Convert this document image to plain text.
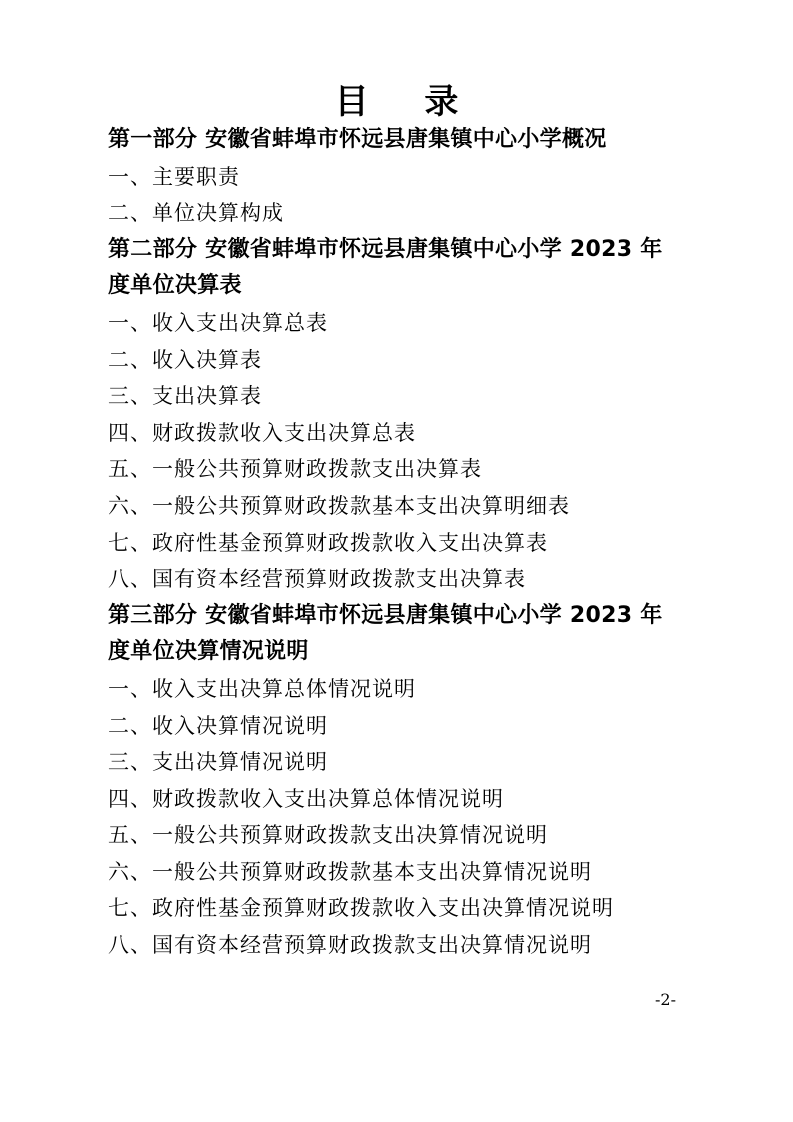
目 录
第一部分 安徽省蚌埠市怀远县唐集镇中心小学概况
一、主要职责
二、单位决算构成
第二部分 安徽省蚌埠市怀远县唐集镇中心小学 2023 年
度单位决算表
一、收入支出决算总表
二、收入决算表
三、支出决算表
四、财政拨款收入支出决算总表
五、一般公共预算财政拨款支出决算表
六、一般公共预算财政拨款基本支出决算明细表
七、政府性基金预算财政拨款收入支出决算表
八、国有资本经营预算财政拨款支出决算表
第三部分 安徽省蚌埠市怀远县唐集镇中心小学 2023 年
度单位决算情况说明
一、收入支出决算总体情况说明
二、收入决算情况说明
三、支出决算情况说明
四、财政拨款收入支出决算总体情况说明
五、一般公共预算财政拨款支出决算情况说明
六、一般公共预算财政拨款基本支出决算情况说明
七、政府性基金预算财政拨款收入支出决算情况说明
八、国有资本经营预算财政拨款支出决算情况说明
-2-
